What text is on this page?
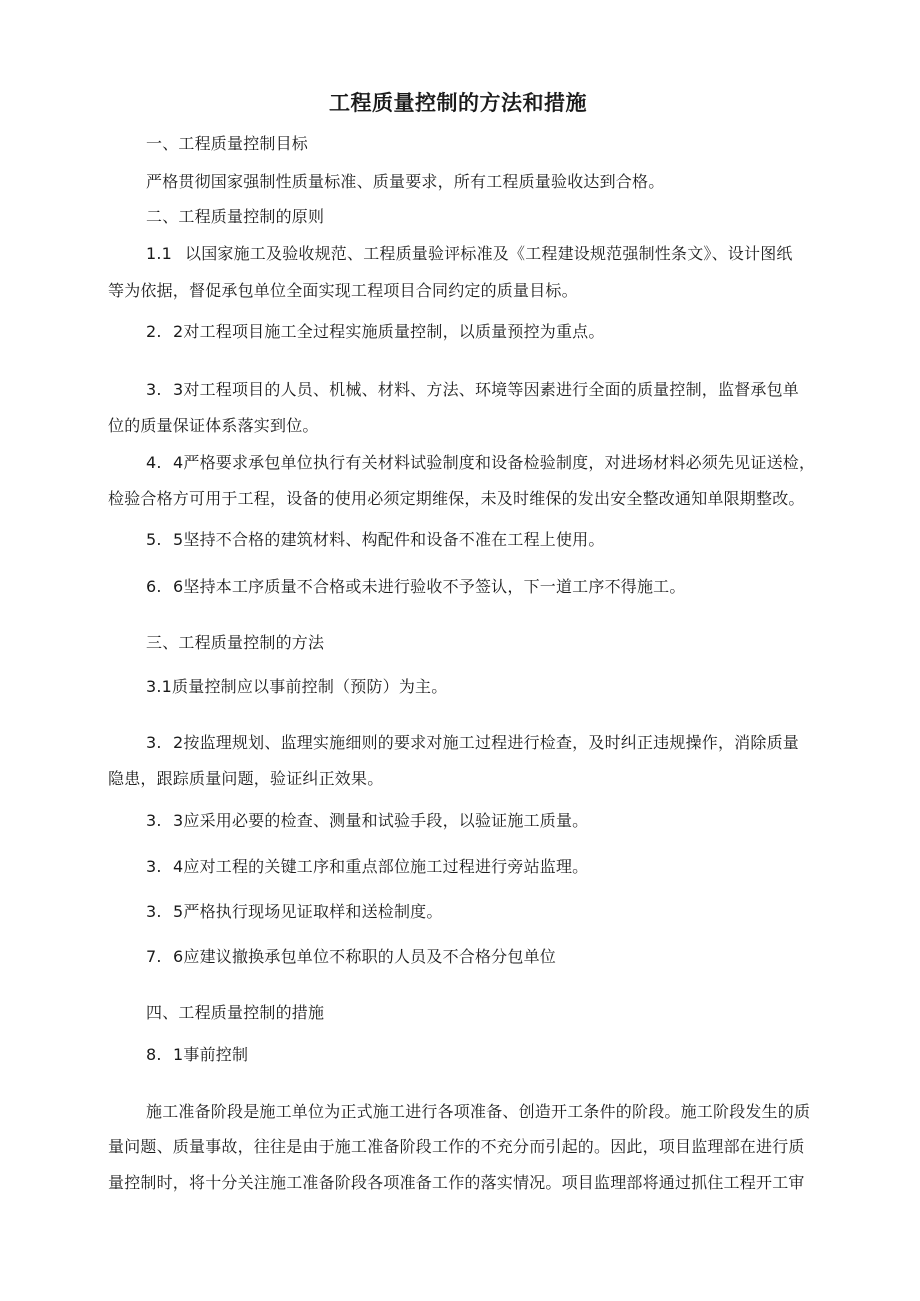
工程质量控制的方法和措施

一、工程质量控制目标

严格贯彻国家强制性质量标准、质量要求，所有工程质量验收达到合格。

二、工程质量控制的原则

1.1 以国家施工及验收规范、工程质量验评标准及《工程建设规范强制性条文》、设计图纸

等为依据，督促承包单位全面实现工程项目合同约定的质量目标。

2. 2对工程项目施工全过程实施质量控制，以质量预控为重点。

3. 3对工程项目的人员、机械、材料、方法、环境等因素进行全面的质量控制，监督承包单

位的质量保证体系落实到位。

4. 4严格要求承包单位执行有关材料试验制度和设备检验制度，对进场材料必须先见证送检，

检验合格方可用于工程，设备的使用必须定期维保，未及时维保的发出安全整改通知单限期整改。

5. 5坚持不合格的建筑材料、构配件和设备不准在工程上使用。

6. 6坚持本工序质量不合格或未进行验收不予签认，下一道工序不得施工。

三、工程质量控制的方法

3.1质量控制应以事前控制（预防）为主。

3. 2按监理规划、监理实施细则的要求对施工过程进行检查，及时纠正违规操作，消除质量

隐患，跟踪质量问题，验证纠正效果。

3. 3应采用必要的检查、测量和试验手段，以验证施工质量。

3. 4应对工程的关键工序和重点部位施工过程进行旁站监理。

3. 5严格执行现场见证取样和送检制度。

7. 6应建议撤换承包单位不称职的人员及不合格分包单位

四、工程质量控制的措施

8. 1事前控制

施工准备阶段是施工单位为正式施工进行各项准备、创造开工条件的阶段。施工阶段发生的质

量问题、质量事故，往往是由于施工准备阶段工作的不充分而引起的。因此，项目监理部在进行质

量控制时，将十分关注施工准备阶段各项准备工作的落实情况。项目监理部将通过抓住工程开工审
